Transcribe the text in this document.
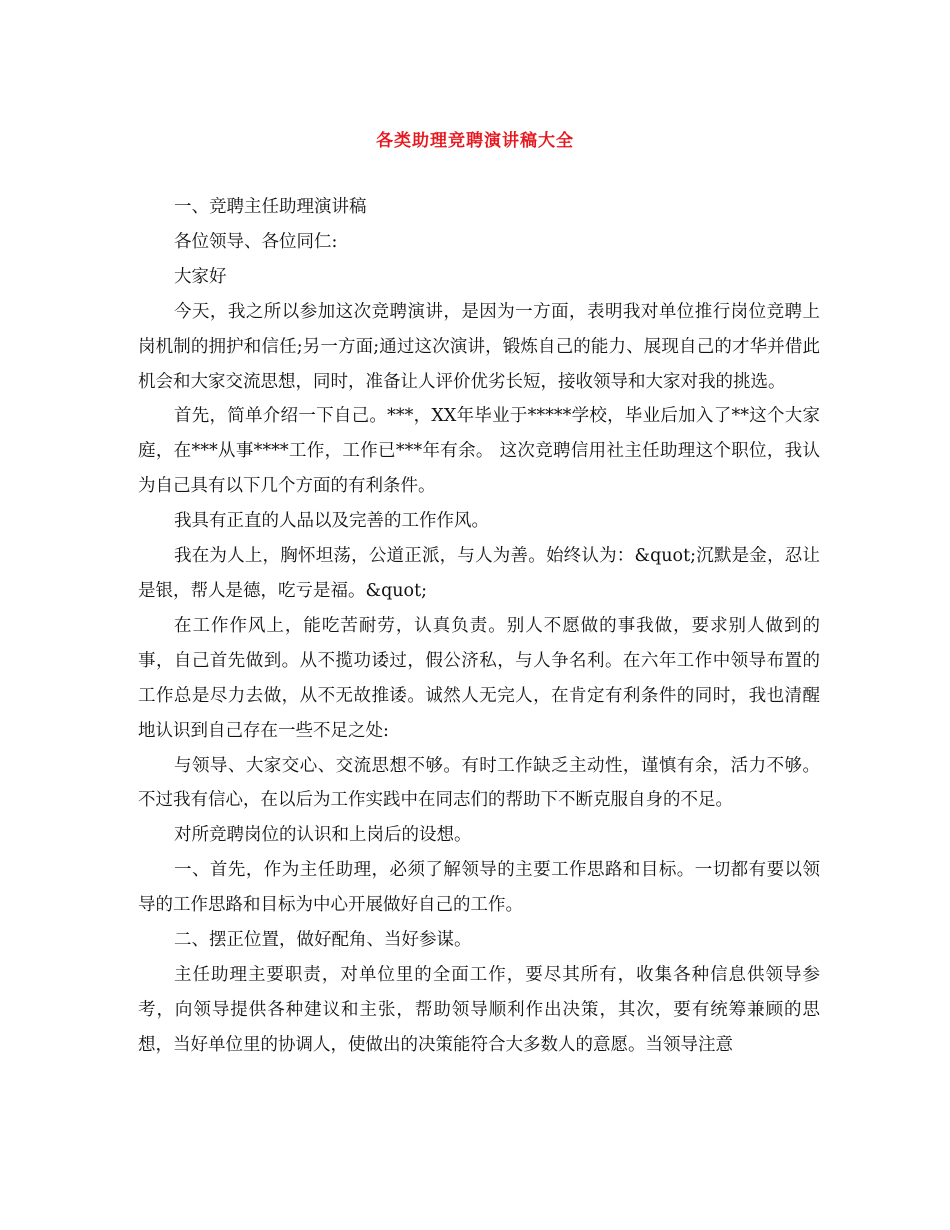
各类助理竞聘演讲稿大全

一、竞聘主任助理演讲稿

各位领导、各位同仁:

大家好

今天，我之所以参加这次竞聘演讲，是因为一方面，表明我对单位推行岗位竞聘上岗机制的拥护和信任;另一方面;通过这次演讲，锻炼自己的能力、展现自己的才华并借此机会和大家交流思想，同时，准备让人评价优劣长短，接收领导和大家对我的挑选。

首先，简单介绍一下自己。***，XX年毕业于*****学校，毕业后加入了**这个大家庭，在***从事****工作，工作已***年有余。 这次竞聘信用社主任助理这个职位，我认为自己具有以下几个方面的有利条件。

我具有正直的人品以及完善的工作作风。

我在为人上，胸怀坦荡，公道正派，与人为善。始终认为：&quot;沉默是金，忍让是银，帮人是德，吃亏是福。&quot;

在工作作风上，能吃苦耐劳，认真负责。别人不愿做的事我做，要求别人做到的事，自己首先做到。从不揽功诿过，假公济私，与人争名利。在六年工作中领导布置的工作总是尽力去做，从不无故推诿。诚然人无完人，在肯定有利条件的同时，我也清醒地认识到自己存在一些不足之处:

与领导、大家交心、交流思想不够。有时工作缺乏主动性，谨慎有余，活力不够。不过我有信心，在以后为工作实践中在同志们的帮助下不断克服自身的不足。

对所竞聘岗位的认识和上岗后的设想。

一、首先，作为主任助理，必须了解领导的主要工作思路和目标。一切都有要以领导的工作思路和目标为中心开展做好自己的工作。

二、摆正位置，做好配角、当好参谋。

主任助理主要职责，对单位里的全面工作，要尽其所有，收集各种信息供领导参考，向领导提供各种建议和主张，帮助领导顺利作出决策，其次，要有统筹兼顾的思想，当好单位里的协调人，使做出的决策能符合大多数人的意愿。当领导注意
